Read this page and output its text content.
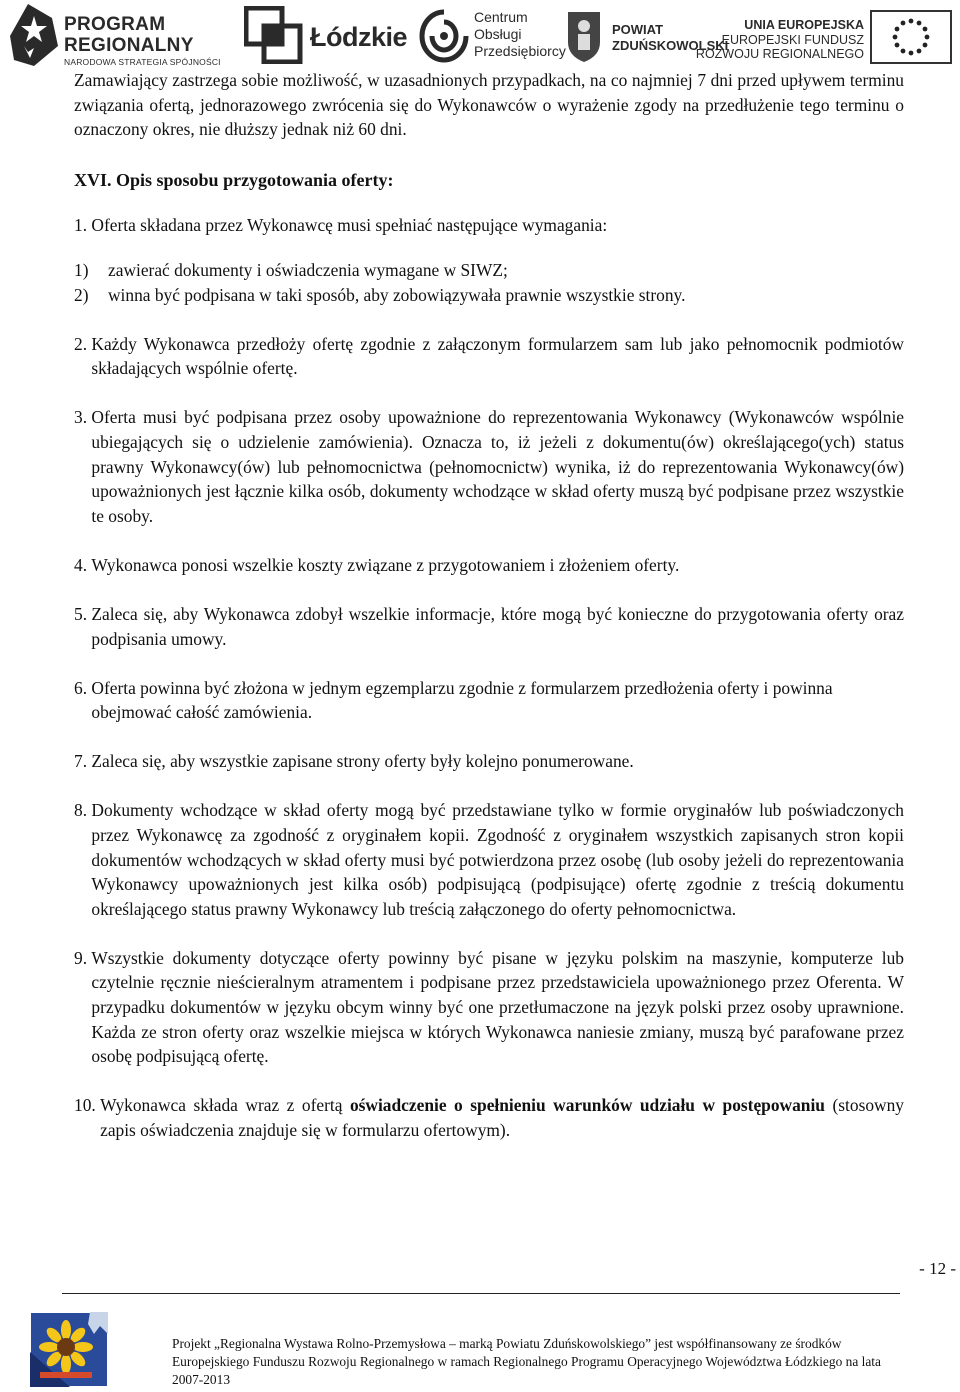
PROGRAM
REGIONALNY
NARODOWA STRATEGIA SPÓJNOŚCI
Łódzkie
Centrum
Obsługi
Przedsiębiorcy
POWIAT
ZDUŃSKOWOLSKI
UNIA EUROPEJSKA
EUROPEJSKI FUNDUSZ
ROZWOJU REGIONALNEGO

Zamawiający zastrzega sobie możliwość, w uzasadnionych przypadkach, na co najmniej 7 dni przed upływem terminu związania ofertą, jednorazowego zwrócenia się do Wykonawców o wyrażenie zgody na przedłużenie tego terminu o oznaczony okres, nie dłuższy jednak niż 60 dni.

XVI. Opis sposobu przygotowania oferty:

1. Oferta składana przez Wykonawcę musi spełniać następujące wymagania:
1)	zawierać dokumenty i oświadczenia wymagane w SIWZ;
2)	winna być podpisana w taki sposób, aby zobowiązywała prawnie wszystkie strony.
2. Każdy Wykonawca przedłoży ofertę zgodnie z załączonym formularzem sam lub jako pełnomocnik podmiotów składających wspólnie ofertę.
3. Oferta musi być podpisana przez osoby upoważnione do reprezentowania Wykonawcy (Wykonawców wspólnie ubiegających się o udzielenie zamówienia). Oznacza to, iż jeżeli z dokumentu(ów) określającego(ych) status prawny Wykonawcy(ów) lub pełnomocnictwa (pełnomocnictw) wynika, iż do reprezentowania Wykonawcy(ów) upoważnionych jest łącznie kilka osób, dokumenty wchodzące w skład oferty muszą być podpisane przez wszystkie te osoby.
4. Wykonawca ponosi wszelkie koszty związane z przygotowaniem i złożeniem oferty.
5. Zaleca się, aby Wykonawca zdobył wszelkie informacje, które mogą być konieczne do przygotowania oferty oraz podpisania umowy.
6. Oferta powinna być złożona w jednym egzemplarzu zgodnie z formularzem przedłożenia oferty i powinna obejmować całość zamówienia.
7. Zaleca się, aby wszystkie zapisane strony oferty były kolejno ponumerowane.
8. Dokumenty wchodzące w skład oferty mogą być przedstawiane tylko w formie oryginałów lub poświadczonych przez Wykonawcę za zgodność z oryginałem kopii. Zgodność z oryginałem wszystkich zapisanych stron kopii dokumentów wchodzących w skład oferty musi być potwierdzona przez osobę (lub osoby jeżeli do reprezentowania Wykonawcy upoważnionych jest kilka osób) podpisującą (podpisujące) ofertę zgodnie z treścią dokumentu określającego status prawny Wykonawcy lub treścią załączonego do oferty pełnomocnictwa.
9. Wszystkie dokumenty dotyczące oferty powinny być pisane w języku polskim na maszynie, komputerze lub czytelnie ręcznie nieścieralnym atramentem i podpisane przez przedstawiciela upoważnionego przez Oferenta. W przypadku dokumentów w języku obcym winny być one przetłumaczone na język polski przez osoby uprawnione. Każda ze stron oferty oraz wszelkie miejsca w których Wykonawca naniesie zmiany, muszą być parafowane przez osobę podpisującą ofertę.
10. Wykonawca składa wraz z ofertą oświadczenie o spełnieniu warunków udziału w postępowaniu (stosowny zapis oświadczenia znajduje się w formularzu ofertowym).
- 12 -
Projekt „Regionalna Wystawa Rolno-Przemysłowa – marką Powiatu Zduńskowolskiego” jest współfinansowany ze środków Europejskiego Funduszu Rozwoju Regionalnego w ramach Regionalnego Programu Operacyjnego Województwa Łódzkiego na lata 2007-2013
